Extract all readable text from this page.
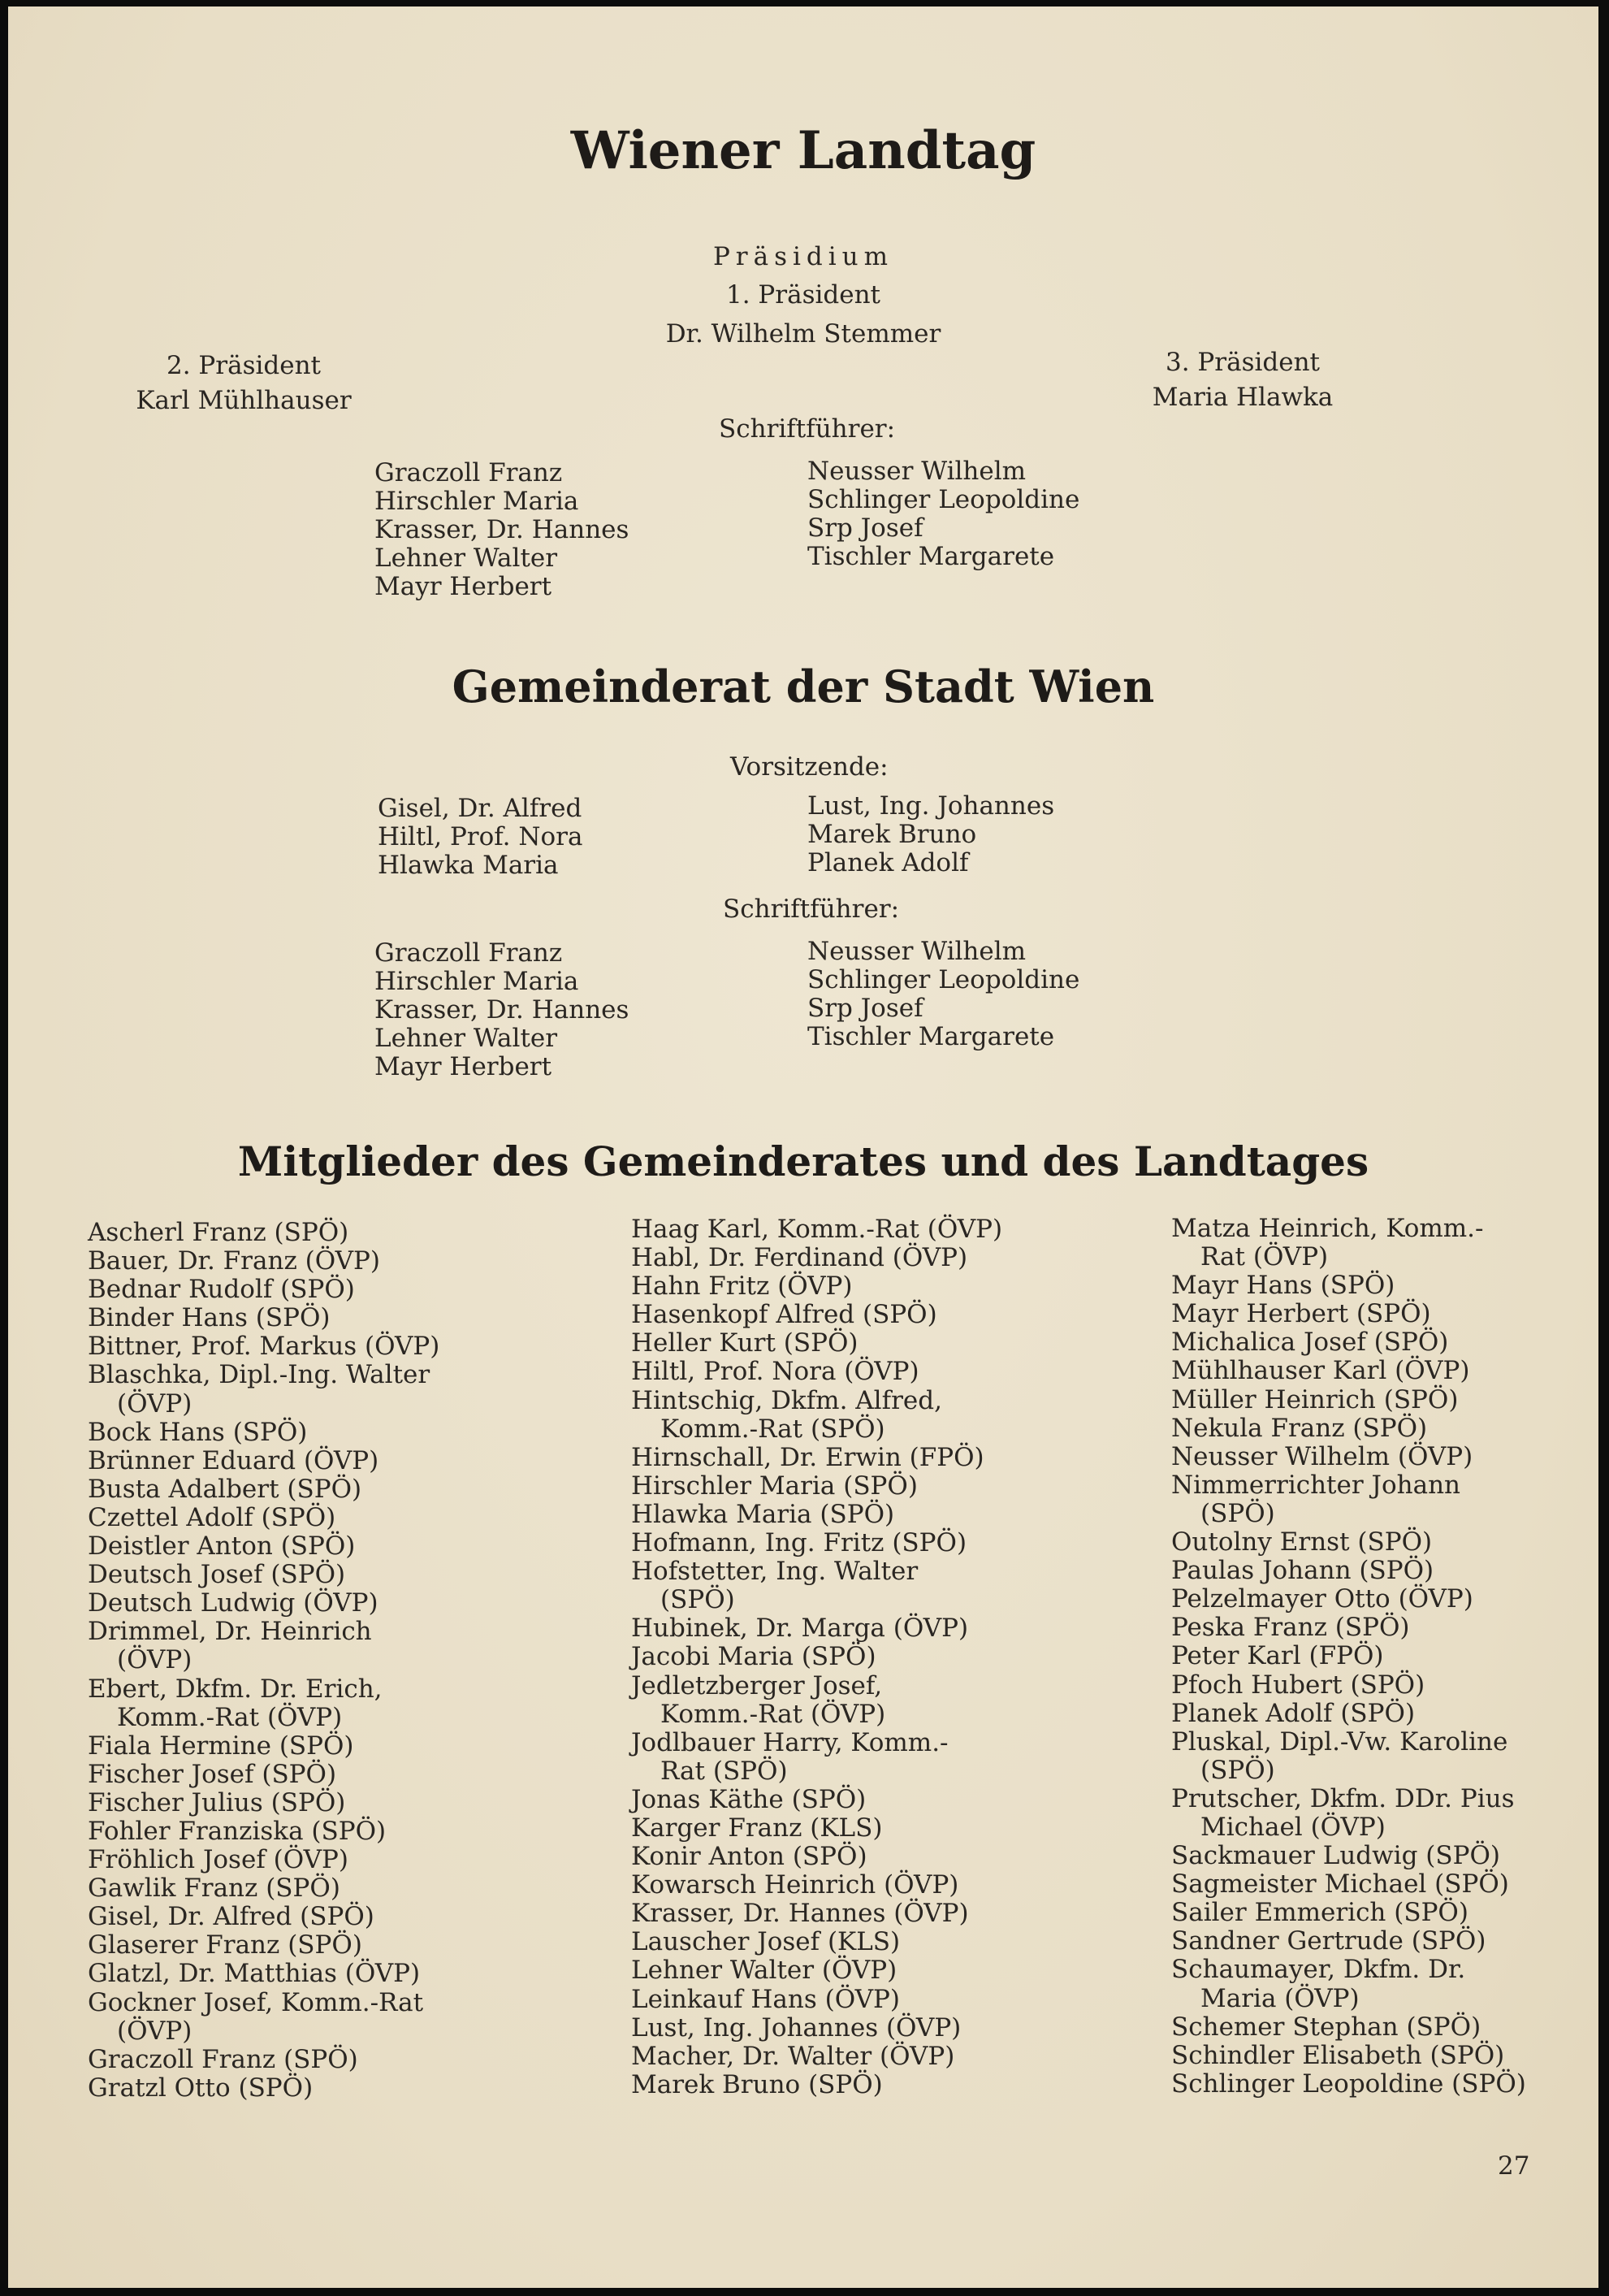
Wiener Landtag
Präsidium
1. Präsident
Dr. Wilhelm Stemmer
2. Präsident
Karl Mühlhauser
3. Präsident
Maria Hlawka
Schriftführer:
Graczoll Franz
Hirschler Maria
Krasser, Dr. Hannes
Lehner Walter
Mayr Herbert
Neusser Wilhelm
Schlinger Leopoldine
Srp Josef
Tischler Margarete
Gemeinderat der Stadt Wien
Vorsitzende:
Gisel, Dr. Alfred
Hiltl, Prof. Nora
Hlawka Maria
Lust, Ing. Johannes
Marek Bruno
Planek Adolf
Schriftführer:
Graczoll Franz
Hirschler Maria
Krasser, Dr. Hannes
Lehner Walter
Mayr Herbert
Neusser Wilhelm
Schlinger Leopoldine
Srp Josef
Tischler Margarete
Mitglieder des Gemeinderates und des Landtages
Ascherl Franz (SPÖ)
Bauer, Dr. Franz (ÖVP)
Bednar Rudolf (SPÖ)
Binder Hans (SPÖ)
Bittner, Prof. Markus (ÖVP)
Blaschka, Dipl.-Ing. Walter
(ÖVP)
Bock Hans (SPÖ)
Brünner Eduard (ÖVP)
Busta Adalbert (SPÖ)
Czettel Adolf (SPÖ)
Deistler Anton (SPÖ)
Deutsch Josef (SPÖ)
Deutsch Ludwig (ÖVP)
Drimmel, Dr. Heinrich
(ÖVP)
Ebert, Dkfm. Dr. Erich,
Komm.-Rat (ÖVP)
Fiala Hermine (SPÖ)
Fischer Josef (SPÖ)
Fischer Julius (SPÖ)
Fohler Franziska (SPÖ)
Fröhlich Josef (ÖVP)
Gawlik Franz (SPÖ)
Gisel, Dr. Alfred (SPÖ)
Glaserer Franz (SPÖ)
Glatzl, Dr. Matthias (ÖVP)
Gockner Josef, Komm.-Rat
(ÖVP)
Graczoll Franz (SPÖ)
Gratzl Otto (SPÖ)
Haag Karl, Komm.-Rat (ÖVP)
Habl, Dr. Ferdinand (ÖVP)
Hahn Fritz (ÖVP)
Hasenkopf Alfred (SPÖ)
Heller Kurt (SPÖ)
Hiltl, Prof. Nora (ÖVP)
Hintschig, Dkfm. Alfred,
Komm.-Rat (SPÖ)
Hirnschall, Dr. Erwin (FPÖ)
Hirschler Maria (SPÖ)
Hlawka Maria (SPÖ)
Hofmann, Ing. Fritz (SPÖ)
Hofstetter, Ing. Walter
(SPÖ)
Hubinek, Dr. Marga (ÖVP)
Jacobi Maria (SPÖ)
Jedletzberger Josef,
Komm.-Rat (ÖVP)
Jodlbauer Harry, Komm.-
Rat (SPÖ)
Jonas Käthe (SPÖ)
Karger Franz (KLS)
Konir Anton (SPÖ)
Kowarsch Heinrich (ÖVP)
Krasser, Dr. Hannes (ÖVP)
Lauscher Josef (KLS)
Lehner Walter (ÖVP)
Leinkauf Hans (ÖVP)
Lust, Ing. Johannes (ÖVP)
Macher, Dr. Walter (ÖVP)
Marek Bruno (SPÖ)
Matza Heinrich, Komm.-
Rat (ÖVP)
Mayr Hans (SPÖ)
Mayr Herbert (SPÖ)
Michalica Josef (SPÖ)
Mühlhauser Karl (ÖVP)
Müller Heinrich (SPÖ)
Nekula Franz (SPÖ)
Neusser Wilhelm (ÖVP)
Nimmerrichter Johann
(SPÖ)
Outolny Ernst (SPÖ)
Paulas Johann (SPÖ)
Pelzelmayer Otto (ÖVP)
Peska Franz (SPÖ)
Peter Karl (FPÖ)
Pfoch Hubert (SPÖ)
Planek Adolf (SPÖ)
Pluskal, Dipl.-Vw. Karoline
(SPÖ)
Prutscher, Dkfm. DDr. Pius
Michael (ÖVP)
Sackmauer Ludwig (SPÖ)
Sagmeister Michael (SPÖ)
Sailer Emmerich (SPÖ)
Sandner Gertrude (SPÖ)
Schaumayer, Dkfm. Dr.
Maria (ÖVP)
Schemer Stephan (SPÖ)
Schindler Elisabeth (SPÖ)
Schlinger Leopoldine (SPÖ)
27
